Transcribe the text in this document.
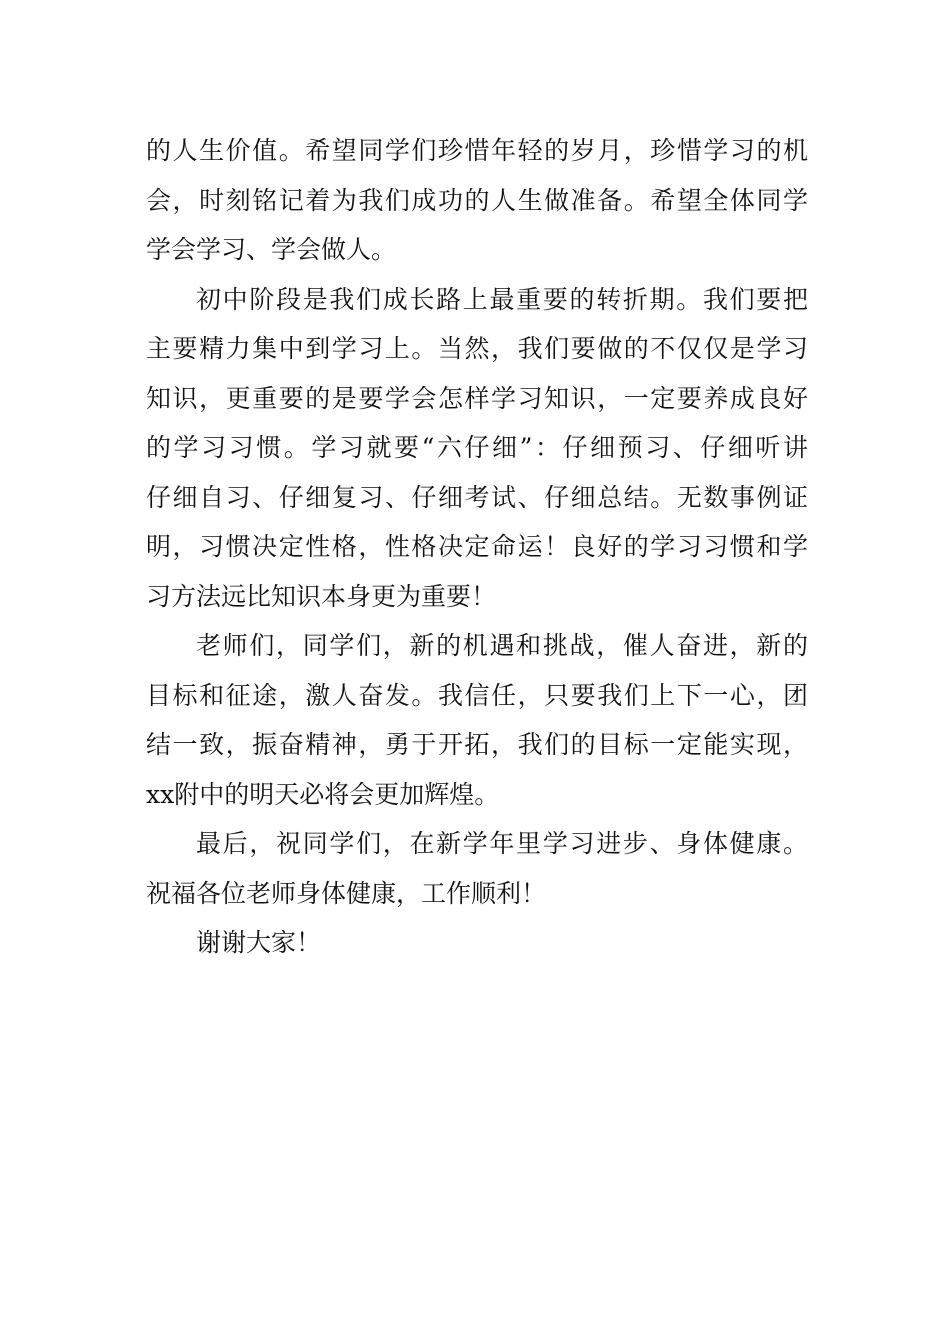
的人生价值。希望同学们珍惜年轻的岁月，珍惜学习的机
会，时刻铭记着为我们成功的人生做准备。希望全体同学
学会学习、学会做人。

初中阶段是我们成长路上最重要的转折期。我们要把
主要精力集中到学习上。当然，我们要做的不仅仅是学习
知识，更重要的是要学会怎样学习知识，一定要养成良好
的学习习惯。学习就要“六仔细”：仔细预习、仔细听讲
仔细自习、仔细复习、仔细考试、仔细总结。无数事例证
明，习惯决定性格，性格决定命运！良好的学习习惯和学
习方法远比知识本身更为重要！

老师们，同学们，新的机遇和挑战，催人奋进，新的
目标和征途，激人奋发。我信任，只要我们上下一心，团
结一致，振奋精神，勇于开拓，我们的目标一定能实现，
xx附中的明天必将会更加辉煌。

最后，祝同学们，在新学年里学习进步、身体健康。
祝福各位老师身体健康，工作顺利！

谢谢大家！
